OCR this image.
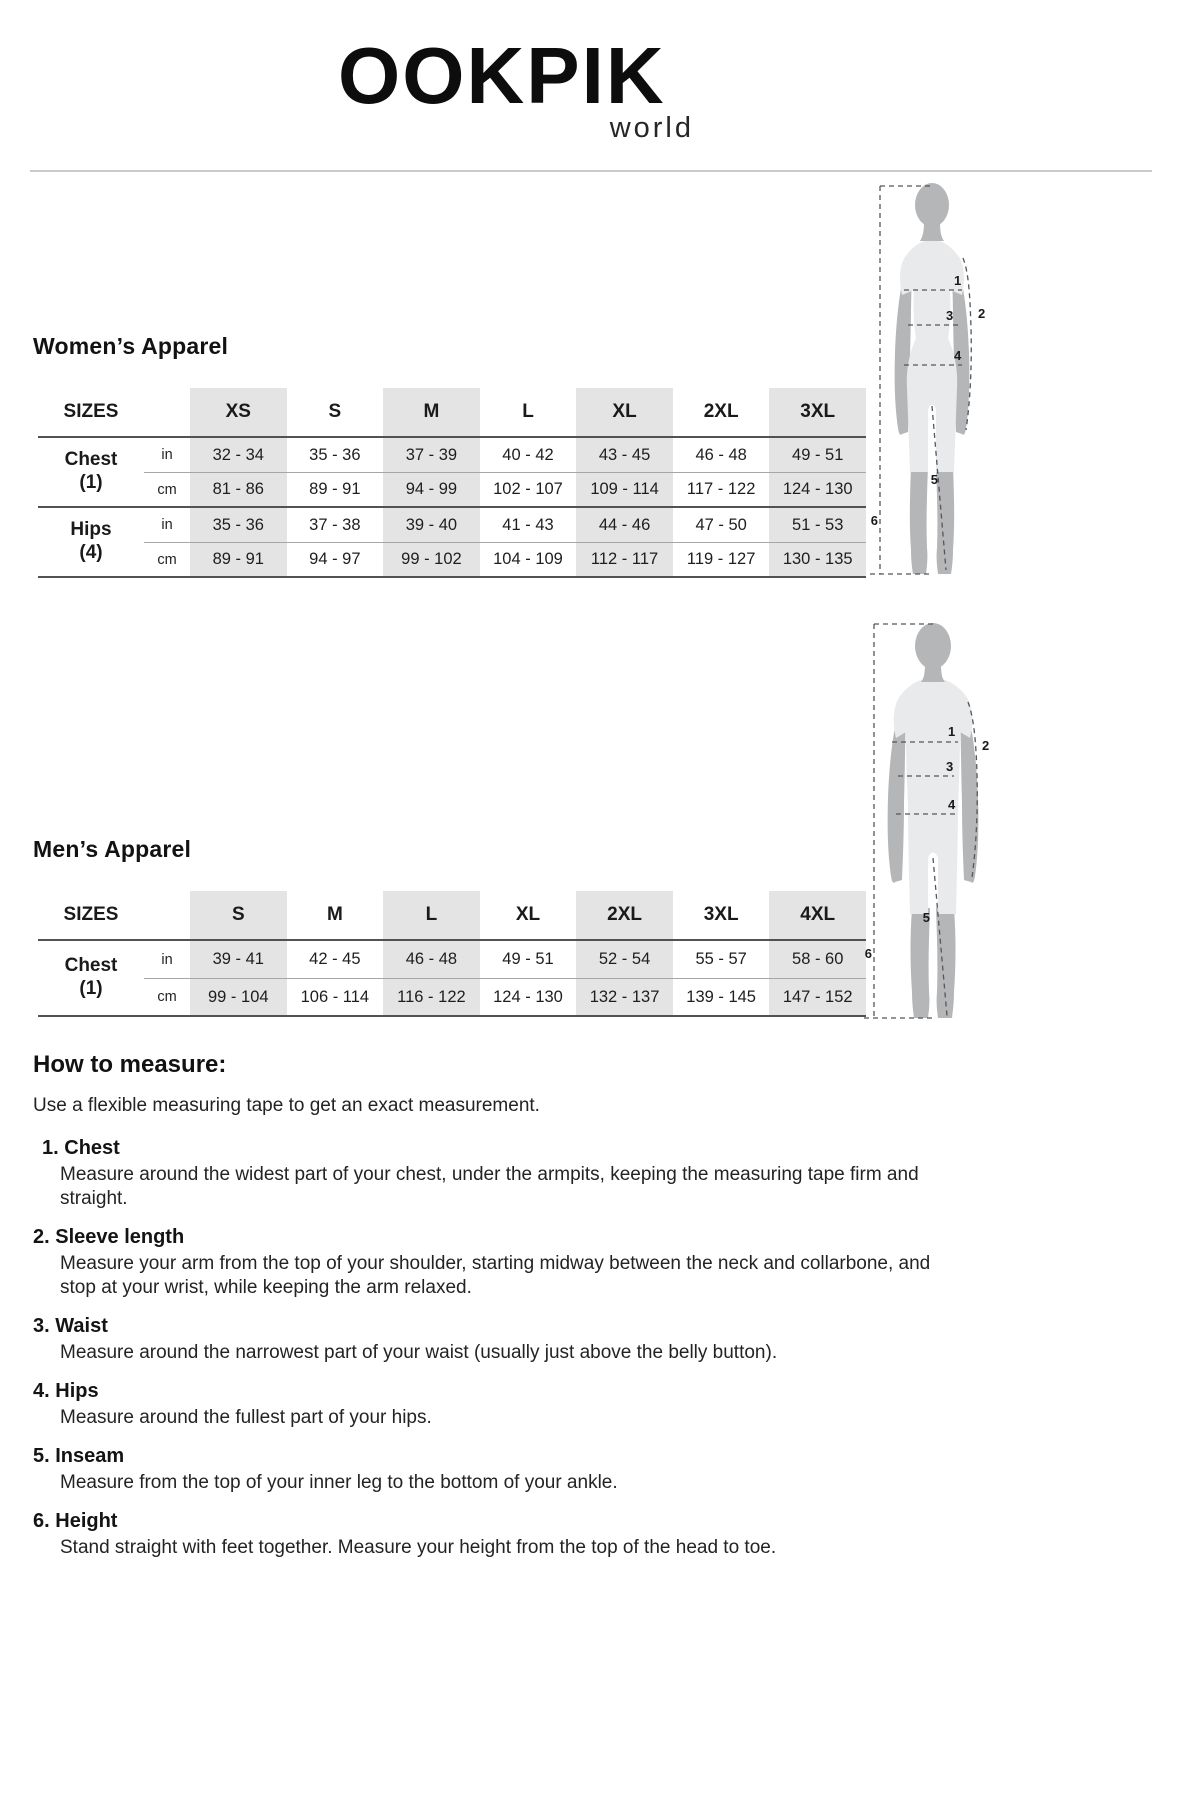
OOKPIK
world
Women’s Apparel
SIZES	XS	S	M	L	XL	2XL	3XL
Chest
(1)
in	32 - 34	35 - 36	37 - 39	40 - 42	43 - 45	46 - 48	49 - 51
cm	81 - 86	89 - 91	94 - 99	102 - 107	109 - 114	117 - 122	124 - 130
Hips
(4)
in	35 - 36	37 - 38	39 - 40	41 - 43	44 - 46	47 - 50	51 - 53
cm	89 - 91	94 - 97	99 - 102	104 - 109	112 - 117	119 - 127	130 - 135
1
2
3
4
5
6
Men’s Apparel
SIZES	S	M	L	XL	2XL	3XL	4XL
Chest
(1)
in	39 - 41	42 - 45	46 - 48	49 - 51	52 - 54	55 - 57	58 - 60
cm	99 - 104	106 - 114	116 - 122	124 - 130	132 - 137	139 - 145	147 - 152
1
2
3
4
5
6
How to measure:

Use a flexible measuring tape to get an exact measurement.

1. Chest
Measure around the widest part of your chest, under the armpits, keeping the measuring tape firm and straight.
2. Sleeve length
Measure your arm from the top of your shoulder, starting midway between the neck and collarbone, and stop at your wrist, while keeping the arm relaxed.
3. Waist
Measure around the narrowest part of your waist (usually just above the belly button).
4. Hips
Measure around the fullest part of your hips.
5. Inseam
Measure from the top of your inner leg to the bottom of your ankle.
6. Height
Stand straight with feet together. Measure your height from the top of the head to toe.
